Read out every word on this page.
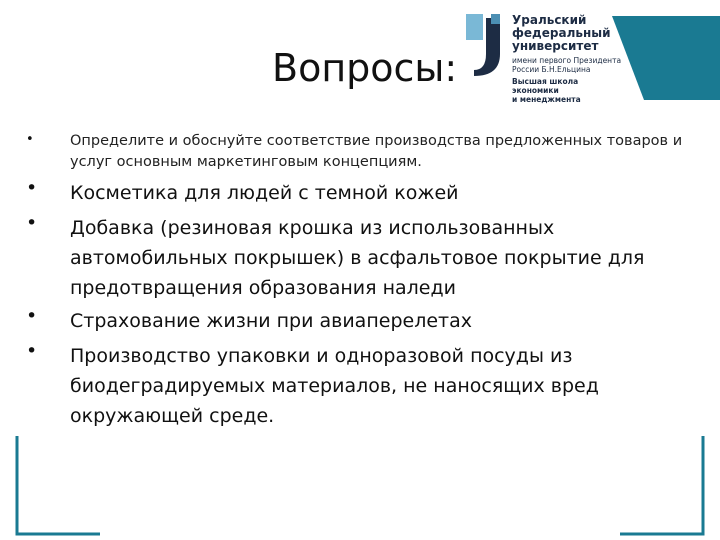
Вопросы:
Уральский
федеральный
университет
имени первого Президента
России Б.Н.Ельцина
Высшая школа
экономики
и менеджмента
•	Определите и обоснуйте соответствие производства предложенных товаров и
услуг основным маркетинговым концепциям.
• Косметика для людей с темной кожей
• Добавка (резиновая крошка из использованных
автомобильных покрышек) в асфальтовое покрытие для
предотвращения образования наледи
• Страхование жизни при авиаперелетах
• Производство упаковки и одноразовой посуды из
биодеградируемых материалов, не наносящих вред
окружающей среде.
